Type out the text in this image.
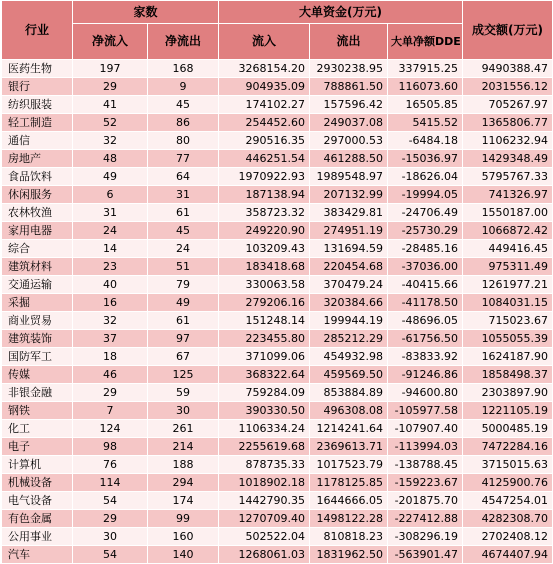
行业	家数		大单资金(万元)			成交额(万元)
	净流入	净流出	流入	流出	大单净额DDE	
医药生物	197	168	3268154.20	2930238.95	337915.25	9490388.47
银行	29	9	904935.09	788861.50	116073.60	2031556.12
纺织服装	41	45	174102.27	157596.42	16505.85	705267.97
轻工制造	52	86	254452.60	249037.08	5415.52	1365806.77
通信	32	80	290516.35	297000.53	-6484.18	1106232.94
房地产	48	77	446251.54	461288.50	-15036.97	1429348.49
食品饮料	49	64	1970922.93	1989548.97	-18626.04	5795767.33
休闲服务	6	31	187138.94	207132.99	-19994.05	741326.97
农林牧渔	31	61	358723.32	383429.81	-24706.49	1550187.00
家用电器	24	45	249220.90	274951.19	-25730.29	1066872.42
综合	14	24	103209.43	131694.59	-28485.16	449416.45
建筑材料	23	51	183418.68	220454.68	-37036.00	975311.49
交通运输	40	79	330063.58	370479.24	-40415.66	1261977.21
采掘	16	49	279206.16	320384.66	-41178.50	1084031.15
商业贸易	32	61	151248.14	199944.19	-48696.05	715023.67
建筑装饰	37	97	223455.80	285212.29	-61756.50	1055055.39
国防军工	18	67	371099.06	454932.98	-83833.92	1624187.90
传媒	46	125	368322.64	459569.50	-91246.86	1858498.37
非银金融	29	59	759284.09	853884.89	-94600.80	2303897.90
钢铁	7	30	390330.50	496308.08	-105977.58	1221105.19
化工	124	261	1106334.24	1214241.64	-107907.40	5000485.19
电子	98	214	2255619.68	2369613.71	-113994.03	7472284.16
计算机	76	188	878735.33	1017523.79	-138788.45	3715015.63
机械设备	114	294	1018902.18	1178125.85	-159223.67	4125900.76
电气设备	54	174	1442790.35	1644666.05	-201875.70	4547254.01
有色金属	29	99	1270709.40	1498122.28	-227412.88	4282308.70
公用事业	30	160	502522.04	810818.23	-308296.19	2702408.12
汽车	54	140	1268061.03	1831962.50	-563901.47	4674407.94
